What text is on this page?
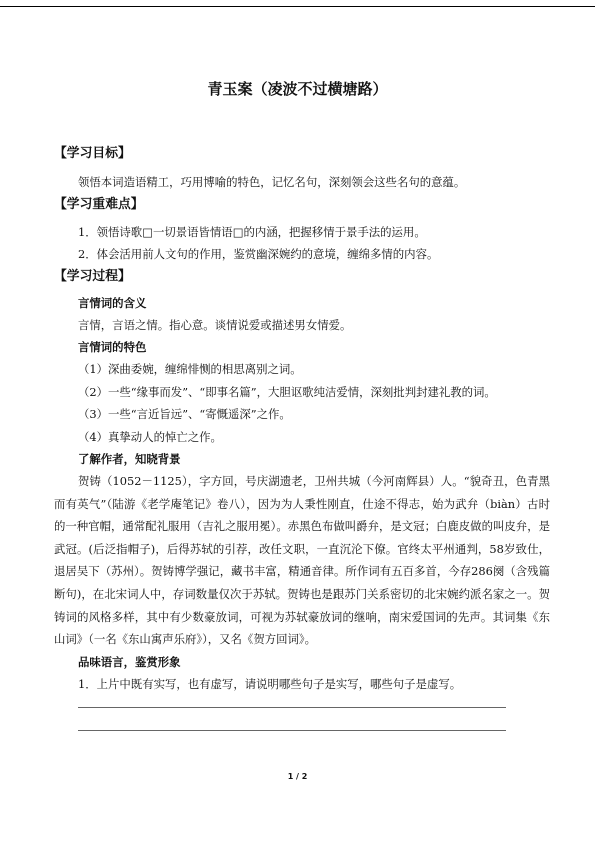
青玉案（凌波不过横塘路）
【学习目标】
领悟本词造语精工，巧用博喻的特色，记忆名句，深刻领会这些名句的意蕴。
【学习重难点】
1．领悟诗歌□一切景语皆情语□的内涵，把握移情于景手法的运用。
2．体会活用前人文句的作用，鉴赏幽深婉约的意境，缠绵多情的内容。
【学习过程】
言情词的含义
言情，言语之情。指心意。谈情说爱或描述男女情爱。
言情词的特色
（1）深曲委婉，缠绵悱恻的相思离别之词。
（2）一些“缘事而发”、“即事名篇”，大胆讴歌纯洁爱情，深刻批判封建礼教的词。
（3）一些“言近旨远”、“寄慨遥深”之作。
（4）真挚动人的悼亡之作。
了解作者，知晓背景
贺铸（1052－1125），字方回，号庆湖遗老，卫州共城（今河南辉县）人。“貌奇丑，色青黑而有英气”（陆游《老学庵笔记》卷八），因为为人秉性刚直，仕途不得志，始为武弁（biàn）古时的一种官帽，通常配礼服用（吉礼之服用冕）。赤黑色布做叫爵弁，是文冠；白鹿皮做的叫皮弁，是武冠。(后泛指帽子)，后得苏轼的引荐，改任文职，一直沉沦下僚。官终太平州通判，58岁致仕，退居吴下（苏州）。贺铸博学强记，藏书丰富，精通音律。所作词有五百多首，今存286阕（含残篇断句)，在北宋词人中，存词数量仅次于苏轼。贺铸也是跟苏门关系密切的北宋婉约派名家之一。贺铸词的风格多样，其中有少数豪放词，可视为苏轼豪放词的继响，南宋爱国词的先声。其词集《东山词》（一名《东山寓声乐府》），又名《贺方回词》。
品味语言，鉴赏形象
1．上片中既有实写，也有虚写，请说明哪些句子是实写，哪些句子是虚写。
1 / 2
